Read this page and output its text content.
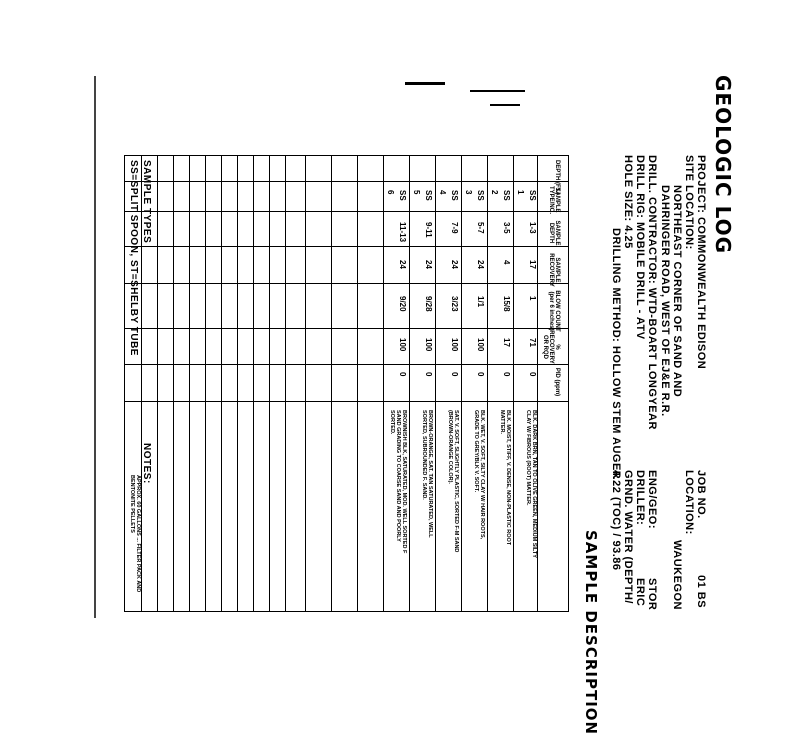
GEOLOGIC LOG
PROJECT: COMMONWEALTH EDISON
SITE LOCATION:
NORTHEAST CORNER OF SAND AND
DAHRINGER ROAD, WEST OF EJ&E R.R.
DRILL. CONTRACTOR: WTD-BOART LONGYEAR
DRILL RIG: MOBILE DRILL - ATV
HOLE SIZE: 4.25
DRILLING METHOD: HOLLOW STEM AUGER
JOB NO.
01 BS
LOCATION:
WAUKEGON
ENG/GEO:
STOR
DRILLER:
ERIC
GRND. WATER (DEPTH/
4.22 (TOC) / 93.86
SAMPLE DESCRIPTION
DEPTH (FT.)
SAMPLE TYPE/NO.
SAMPLE DEPTH
SAMPLE RECOVERY
BLOW COUNT (per 6 inches)
% RECOVERY OR RQD
PID (ppm)
SS
1
1-3
17
1
71
0
BLK. DARK BRN, TAN TO OLIVE GREEN, MEDIUM SILTY CLAY W/ FIBROUS (ROOT) MATTER.
SS
2
3-5
4
15/8
17
0
BLK. MOIST, STIFF, V. DENSE, NON-PLASTIC ROOT MATTER.
SS
3
5-7
24
1/1
100
0
BLK. WET, V. SOFT, SILTY CLAY W/ HAIR ROOTS, GRADE TO GREY/BLK V. SOFT.
SS
4
7-9
24
3/23
100
0
SAT. V. SOFT, SLIGHTLY PLASTIC, SORTED F-M SAND (BROWN-ORANGE COLOR).
SS
5
9-11
24
9/28
100
0
BROWN-ORANGE, SAT. TAN SATURATED, WELL SORTED, SUBROUNDED F. SAND.
SS
6
11-13
24
9/20
100
0
BROWNISH BLK, SATURATED, MOD. WELL SORTED F SAND GRADING TO COARSE SAND AND POORLY SORTED.
SAMPLE TYPES
SS=SPLIT SPOON, ST=SHELBY TUBE
NOTES:
APPROX. 60 GALLONS ... FILTER PACK AND BENTONITE PELLETS
